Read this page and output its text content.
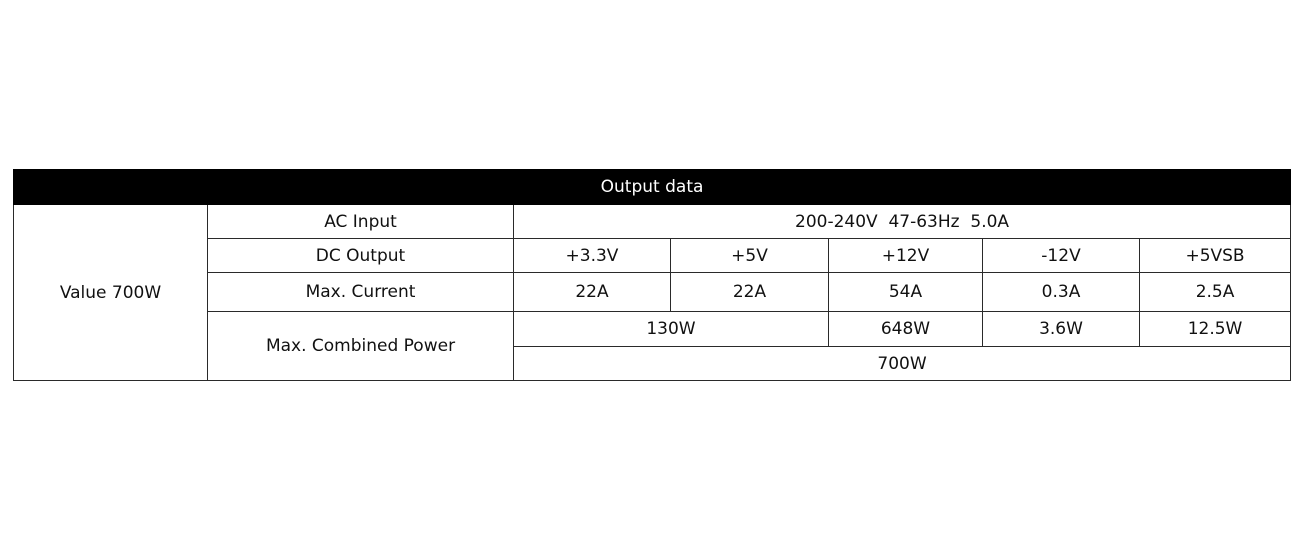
Output data						
Value 700W	AC Input	200-240V  47-63Hz  5.0A				
	DC Output	+3.3V	+5V	+12V	-12V	+5VSB
	Max. Current	22A	22A	54A	0.3A	2.5A
	Max. Combined Power	130W		648W	3.6W	12.5W
		700W				
